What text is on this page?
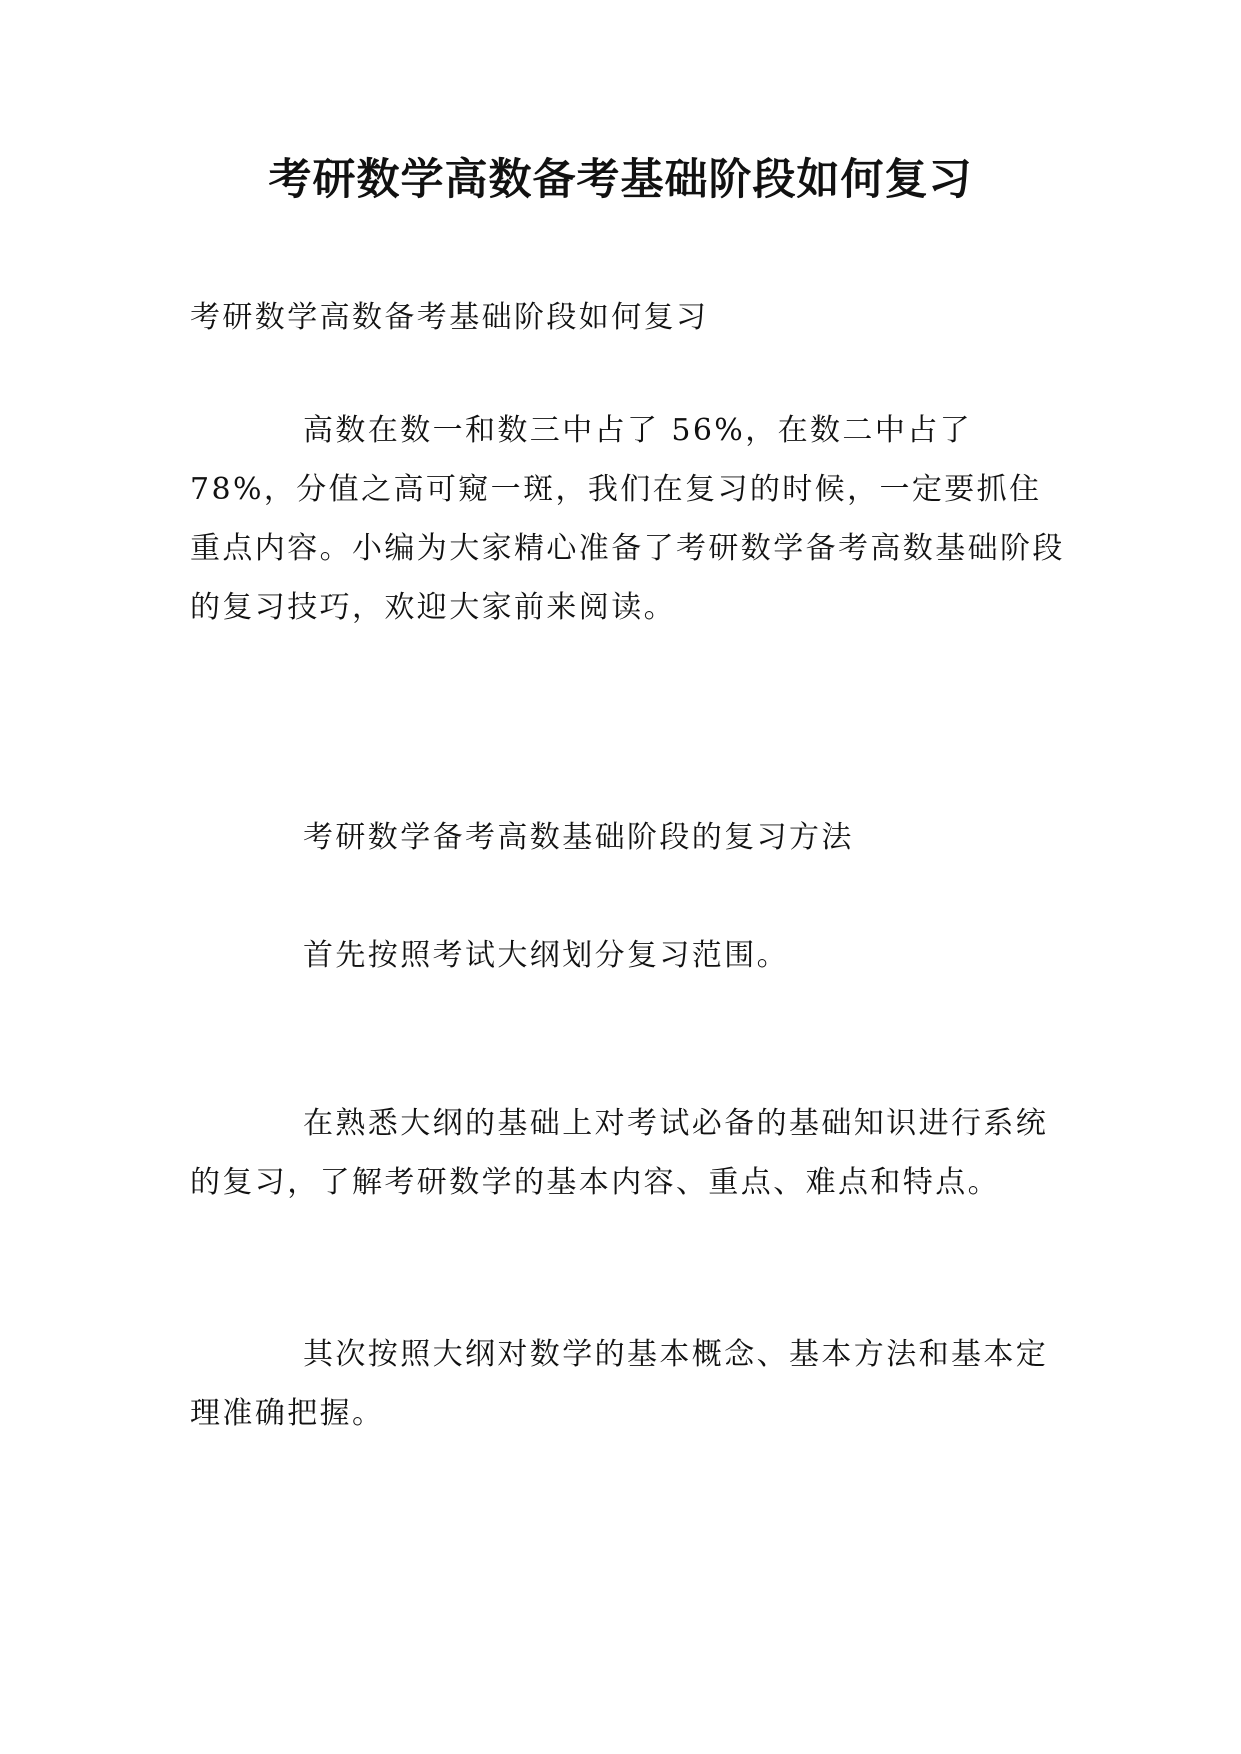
考研数学高数备考基础阶段如何复习

考研数学高数备考基础阶段如何复习

高数在数一和数三中占了 56%，在数二中占了 78%，分值之高可窥一斑，我们在复习的时候，一定要抓住重点内容。小编为大家精心准备了考研数学备考高数基础阶段的复习技巧，欢迎大家前来阅读。

考研数学备考高数基础阶段的复习方法

首先按照考试大纲划分复习范围。

在熟悉大纲的基础上对考试必备的基础知识进行系统的复习，了解考研数学的基本内容、重点、难点和特点。

其次按照大纲对数学的基本概念、基本方法和基本定理准确把握。
